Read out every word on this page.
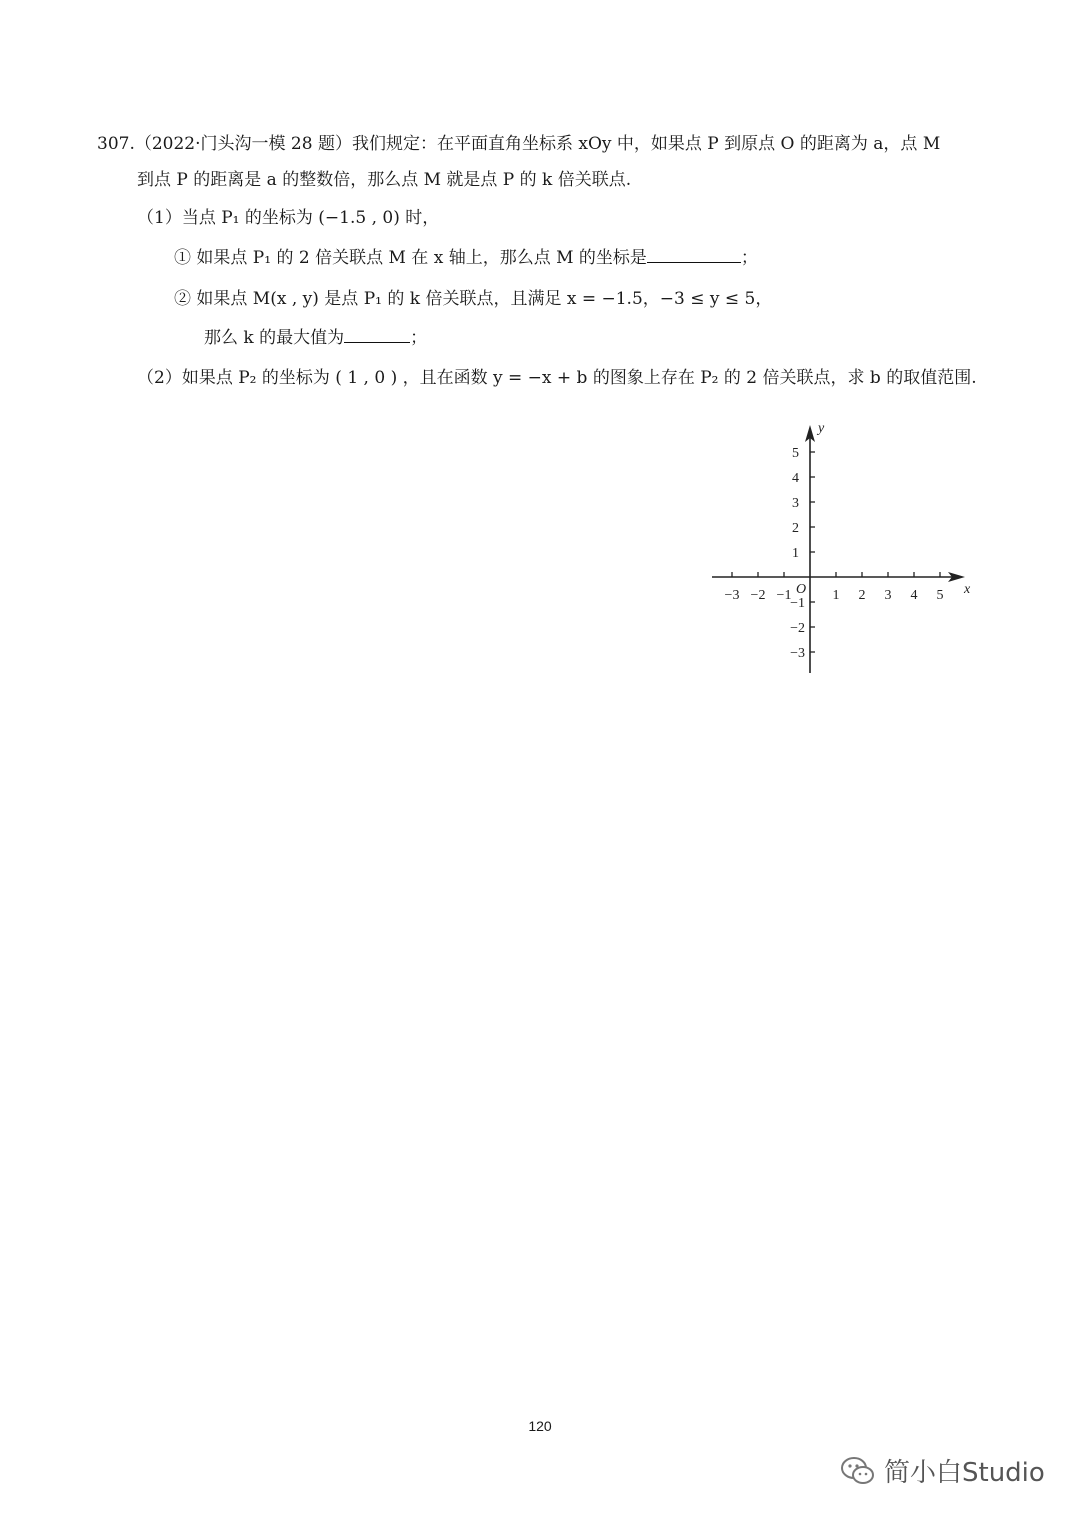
307.（2022·门头沟一模 28 题）我们规定：在平面直角坐标系 xOy 中，如果点 P 到原点 O 的距离为 a，点 M
到点 P 的距离是 a 的整数倍，那么点 M 就是点 P 的 k 倍关联点.
（1）当点 P₁ 的坐标为 (−1.5 , 0) 时，
① 如果点 P₁ 的 2 倍关联点 M 在 x 轴上，那么点 M 的坐标是	；
② 如果点 M(x , y) 是点 P₁ 的 k 倍关联点，且满足 x = −1.5，−3 ≤ y ≤ 5，
那么 k 的最大值为	；
（2）如果点 P₂ 的坐标为 ( 1 , 0 ) ，且在函数 y = −x + b 的图象上存在 P₂ 的 2 倍关联点，求 b 的取值范围.
−3 −2 −1	1 2 3 4 5
5
4
3
2
1
−1
−2
−3
x
y
O
120
简小白Studio
